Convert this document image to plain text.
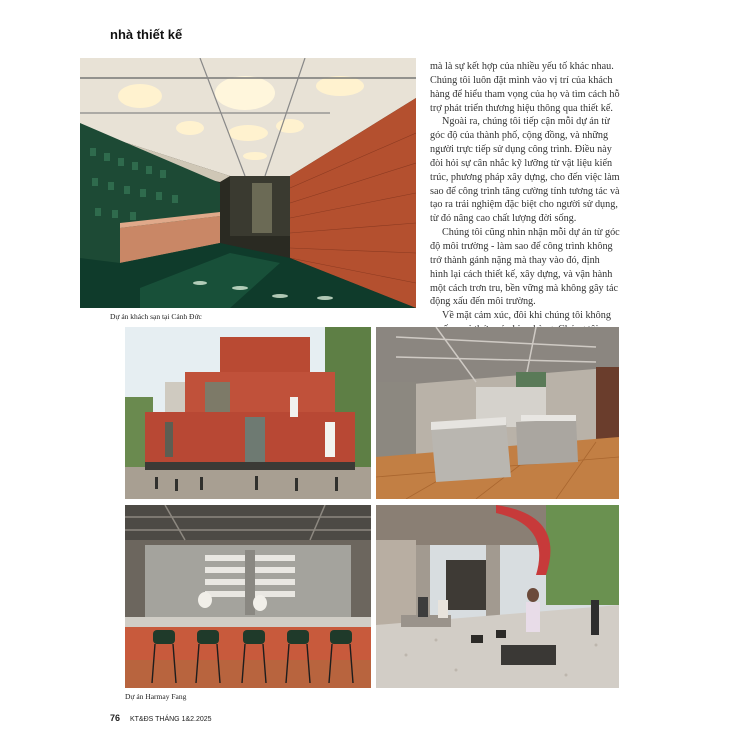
nhà thiết kế

mà là sự kết hợp của nhiều yếu tố khác nhau. Chúng tôi luôn đặt mình vào vị trí của khách hàng để hiểu tham vọng của họ và tìm cách hỗ trợ phát triển thương hiệu thông qua thiết kế.

Ngoài ra, chúng tôi tiếp cận mỗi dự án từ góc độ của thành phố, cộng đồng, và những người trực tiếp sử dụng công trình. Điều này đòi hỏi sự cân nhắc kỹ lưỡng từ vật liệu kiến trúc, phương pháp xây dựng, cho đến việc làm sao để công trình tăng cường tính tương tác và tạo ra trải nghiệm đặc biệt cho người sử dụng, từ đó nâng cao chất lượng đời sống.

Chúng tôi cũng nhìn nhận mỗi dự án từ góc độ môi trường - làm sao để công trình không trở thành gánh nặng mà thay vào đó, định hình lại cách thiết kế, xây dựng, và vận hành một cách trơn tru, bền vững mà không gây tác động xấu đến môi trường.

Về mặt cảm xúc, đôi khi chúng tôi không

Dự án khách sạn tại Cảnh Đức
Dự án Harmay Fang
76 KT&ĐS THÁNG 1&2.2025
